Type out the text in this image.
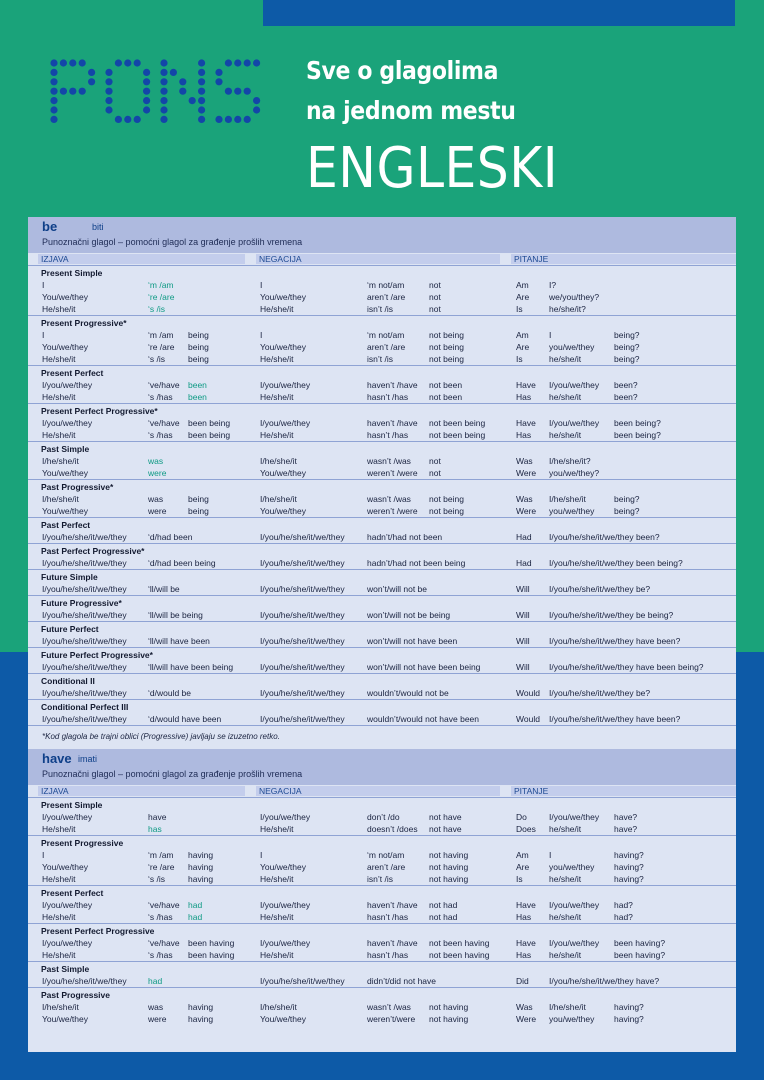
Sve o glagolima
na jednom mestu
ENGLESKI
be	biti
Punoznačni glagol – pomoćni glagol za građenje prošlih vremena
IZJAVA	NEGACIJA	PITANJE
Present Simple
I	‘m /am	I	‘m not/am	not	Am I?
You/we/they	‘re /are	You/we/they	aren’t /are	not	Are we/you/they?
He/she/it	‘s /is	He/she/it	isn’t /is	not	Is	he/she/it?
Present Progressive*
I	‘m /am being	I	‘m not/am	not being	Am I	being?
You/we/they	‘re /are being	You/we/they	aren’t /are	not being	Are you/we/they being?
He/she/it	‘s /is	being	He/she/it	isn’t /is	not being	Is	he/she/it	being?
Present Perfect
I/you/we/they	‘ve/have been	I/you/we/they	haven’t /have not been	Have I/you/we/they been?
He/she/it	‘s /has been	He/she/it	hasn’t /has not been	Has he/she/it	been?
Present Perfect Progressive*
I/you/we/they	‘ve/have been being	I/you/we/they	haven’t /have not been being	Have I/you/we/they been being?
He/she/it	‘s /has been being	He/she/it	hasn’t /has not been being	Has he/she/it	been being?
Past Simple
I/he/she/it	was	I/he/she/it	wasn’t /was not	Was I/he/she/it?
You/we/they	were	You/we/they	weren’t /were not	Were you/we/they?
Past Progressive*
I/he/she/it	was	being	I/he/she/it	wasn’t /was not being	Was I/he/she/it	being?
You/we/they	were	being	You/we/they	weren’t /were not being	Were you/we/they being?
Past Perfect
I/you/he/she/it/we/they	‘d/had been	I/you/he/she/it/we/they	hadn’t/had not been	Had I/you/he/she/it/we/they been?
Past Perfect Progressive*
I/you/he/she/it/we/they	‘d/had been being	I/you/he/she/it/we/they	hadn’t/had not been being	Had I/you/he/she/it/we/they been being?
Future Simple
I/you/he/she/it/we/they	‘ll/will be	I/you/he/she/it/we/they	won’t/will not be	Will I/you/he/she/it/we/they be?
Future Progressive*
I/you/he/she/it/we/they	‘ll/will be being	I/you/he/she/it/we/they	won’t/will not be being	Will I/you/he/she/it/we/they be being?
Future Perfect
I/you/he/she/it/we/they	‘ll/will have been	I/you/he/she/it/we/they	won’t/will not have been	Will I/you/he/she/it/we/they have been?
Future Perfect Progressive*
I/you/he/she/it/we/they	‘ll/will have been being	I/you/he/she/it/we/they	won’t/will not have been being	Will I/you/he/she/it/we/they have been being?
Conditional II
I/you/he/she/it/we/they	‘d/would be	I/you/he/she/it/we/they	wouldn’t/would not be	Would I/you/he/she/it/we/they be?
Conditional Perfect III
I/you/he/she/it/we/they	‘d/would have been	I/you/he/she/it/we/they	wouldn’t/would not have been	Would I/you/he/she/it/we/they have been?
*Kod glagola be trajni oblici (Progressive) javljaju se izuzetno retko.
have imati
Punoznačni glagol – pomoćni glagol za građenje prošlih vremena
IZJAVA	NEGACIJA	PITANJE
Present Simple
I/you/we/they	have	I/you/we/they	don’t /do	not have	Do	I/you/we/they have?
He/she/it	has	He/she/it	doesn’t /does not have	Does he/she/it	have?
Present Progressive
I	‘m /am having	I	‘m not/am	not having	Am I	having?
You/we/they	‘re /are having	You/we/they	aren’t /are	not having	Are you/we/they having?
He/she/it	‘s /is	having	He/she/it	isn’t /is	not having	Is	he/she/it	having?
Present Perfect
I/you/we/they	‘ve/have had	I/you/we/they	haven’t /have not had	Have I/you/we/they had?
He/she/it	‘s /has had	He/she/it	hasn’t /has not had	Has he/she/it	had?
Present Perfect Progressive
I/you/we/they	‘ve/have been having	I/you/we/they	haven’t /have not been having	Have I/you/we/they been having?
He/she/it	‘s /has been having	He/she/it	hasn’t /has not been having	Has he/she/it	been having?
Past Simple
I/you/he/she/it/we/they	had	I/you/he/she/it/we/they	didn’t/did not have	Did I/you/he/she/it/we/they have?
Past Progressive
I/he/she/it	was	having	I/he/she/it	wasn’t /was not having	Was I/he/she/it	having?
You/we/they	were	having	You/we/they	weren’t/were not having	Were you/we/they having?
